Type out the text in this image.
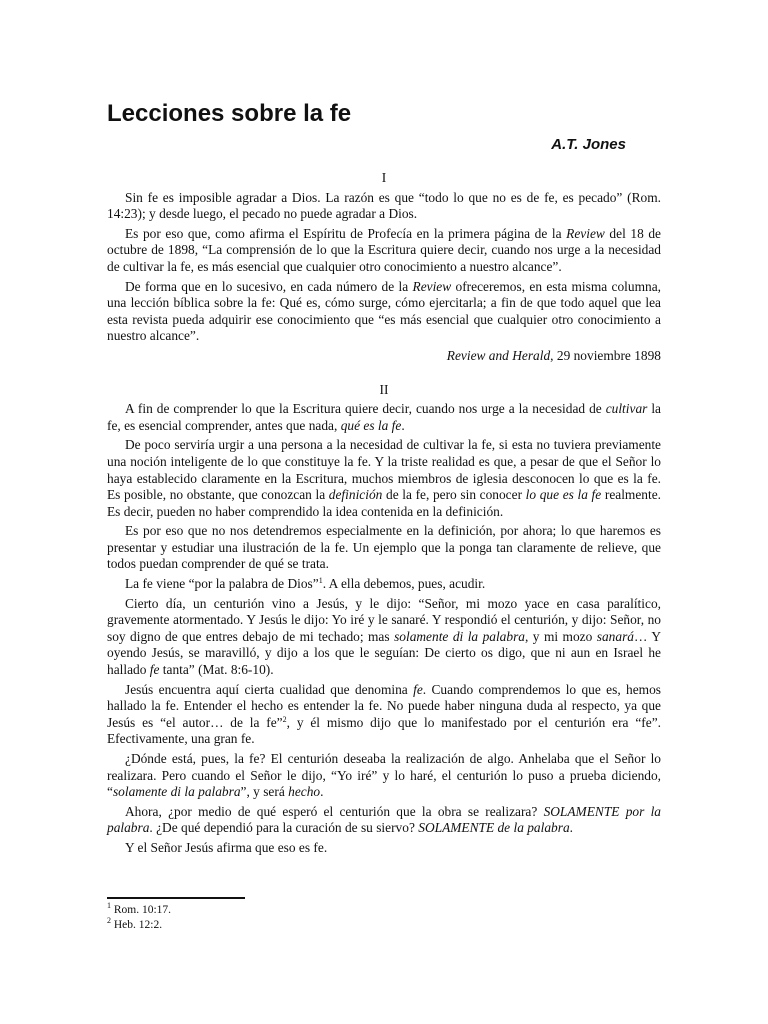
Lecciones sobre la fe
A.T. Jones
I

Sin fe es imposible agradar a Dios. La razón es que “todo lo que no es de fe, es pecado” (Rom. 14:23); y desde luego, el pecado no puede agradar a Dios.

Es por eso que, como afirma el Espíritu de Profecía en la primera página de la Review del 18 de octubre de 1898, “La comprensión de lo que la Escritura quiere decir, cuando nos urge a la necesidad de cultivar la fe, es más esencial que cualquier otro conocimiento a nuestro alcance”.

De forma que en lo sucesivo, en cada número de la Review ofreceremos, en esta misma columna, una lección bíblica sobre la fe: Qué es, cómo surge, cómo ejercitarla; a fin de que todo aquel que lea esta revista pueda adquirir ese conocimiento que “es más esencial que cualquier otro conocimiento a nuestro alcance”.

Review and Herald, 29 noviembre 1898

II

A fin de comprender lo que la Escritura quiere decir, cuando nos urge a la necesidad de cultivar la fe, es esencial comprender, antes que nada, qué es la fe.

De poco serviría urgir a una persona a la necesidad de cultivar la fe, si esta no tuviera previamente una noción inteligente de lo que constituye la fe. Y la triste realidad es que, a pesar de que el Señor lo haya establecido claramente en la Escritura, muchos miembros de iglesia desconocen lo que es la fe. Es posible, no obstante, que conozcan la definición de la fe, pero sin conocer lo que es la fe realmente. Es decir, pueden no haber comprendido la idea contenida en la definición.

Es por eso que no nos detendremos especialmente en la definición, por ahora; lo que haremos es presentar y estudiar una ilustración de la fe. Un ejemplo que la ponga tan claramente de relieve, que todos puedan comprender de qué se trata.

La fe viene “por la palabra de Dios”$^1$. A ella debemos, pues, acudir.

Cierto día, un centurión vino a Jesús, y le dijo: “Señor, mi mozo yace en casa paralítico, gravemente atormentado. Y Jesús le dijo: Yo iré y le sanaré. Y respondió el centurión, y dijo: Señor, no soy digno de que entres debajo de mi techado; mas solamente di la palabra, y mi mozo sanará… Y oyendo Jesús, se maravilló, y dijo a los que le seguían: De cierto os digo, que ni aun en Israel he hallado fe tanta” (Mat. 8:6-10).

Jesús encuentra aquí cierta cualidad que denomina fe. Cuando comprendemos lo que es, hemos hallado la fe. Entender el hecho es entender la fe. No puede haber ninguna duda al respecto, ya que Jesús es “el autor… de la fe”$^2$, y él mismo dijo que lo manifestado por el centurión era “fe”. Efectivamente, una gran fe.

¿Dónde está, pues, la fe? El centurión deseaba la realización de algo. Anhelaba que el Señor lo realizara. Pero cuando el Señor le dijo, “Yo iré” y lo haré, el centurión lo puso a prueba diciendo, “solamente di la palabra”, y será hecho.

Ahora, ¿por medio de qué esperó el centurión que la obra se realizara? SOLAMENTE por la palabra. ¿De qué dependió para la curación de su siervo? SOLAMENTE de la palabra.

Y el Señor Jesús afirma que eso es fe.

$^1$ Rom. 10:17.
$^2$ Heb. 12:2.
